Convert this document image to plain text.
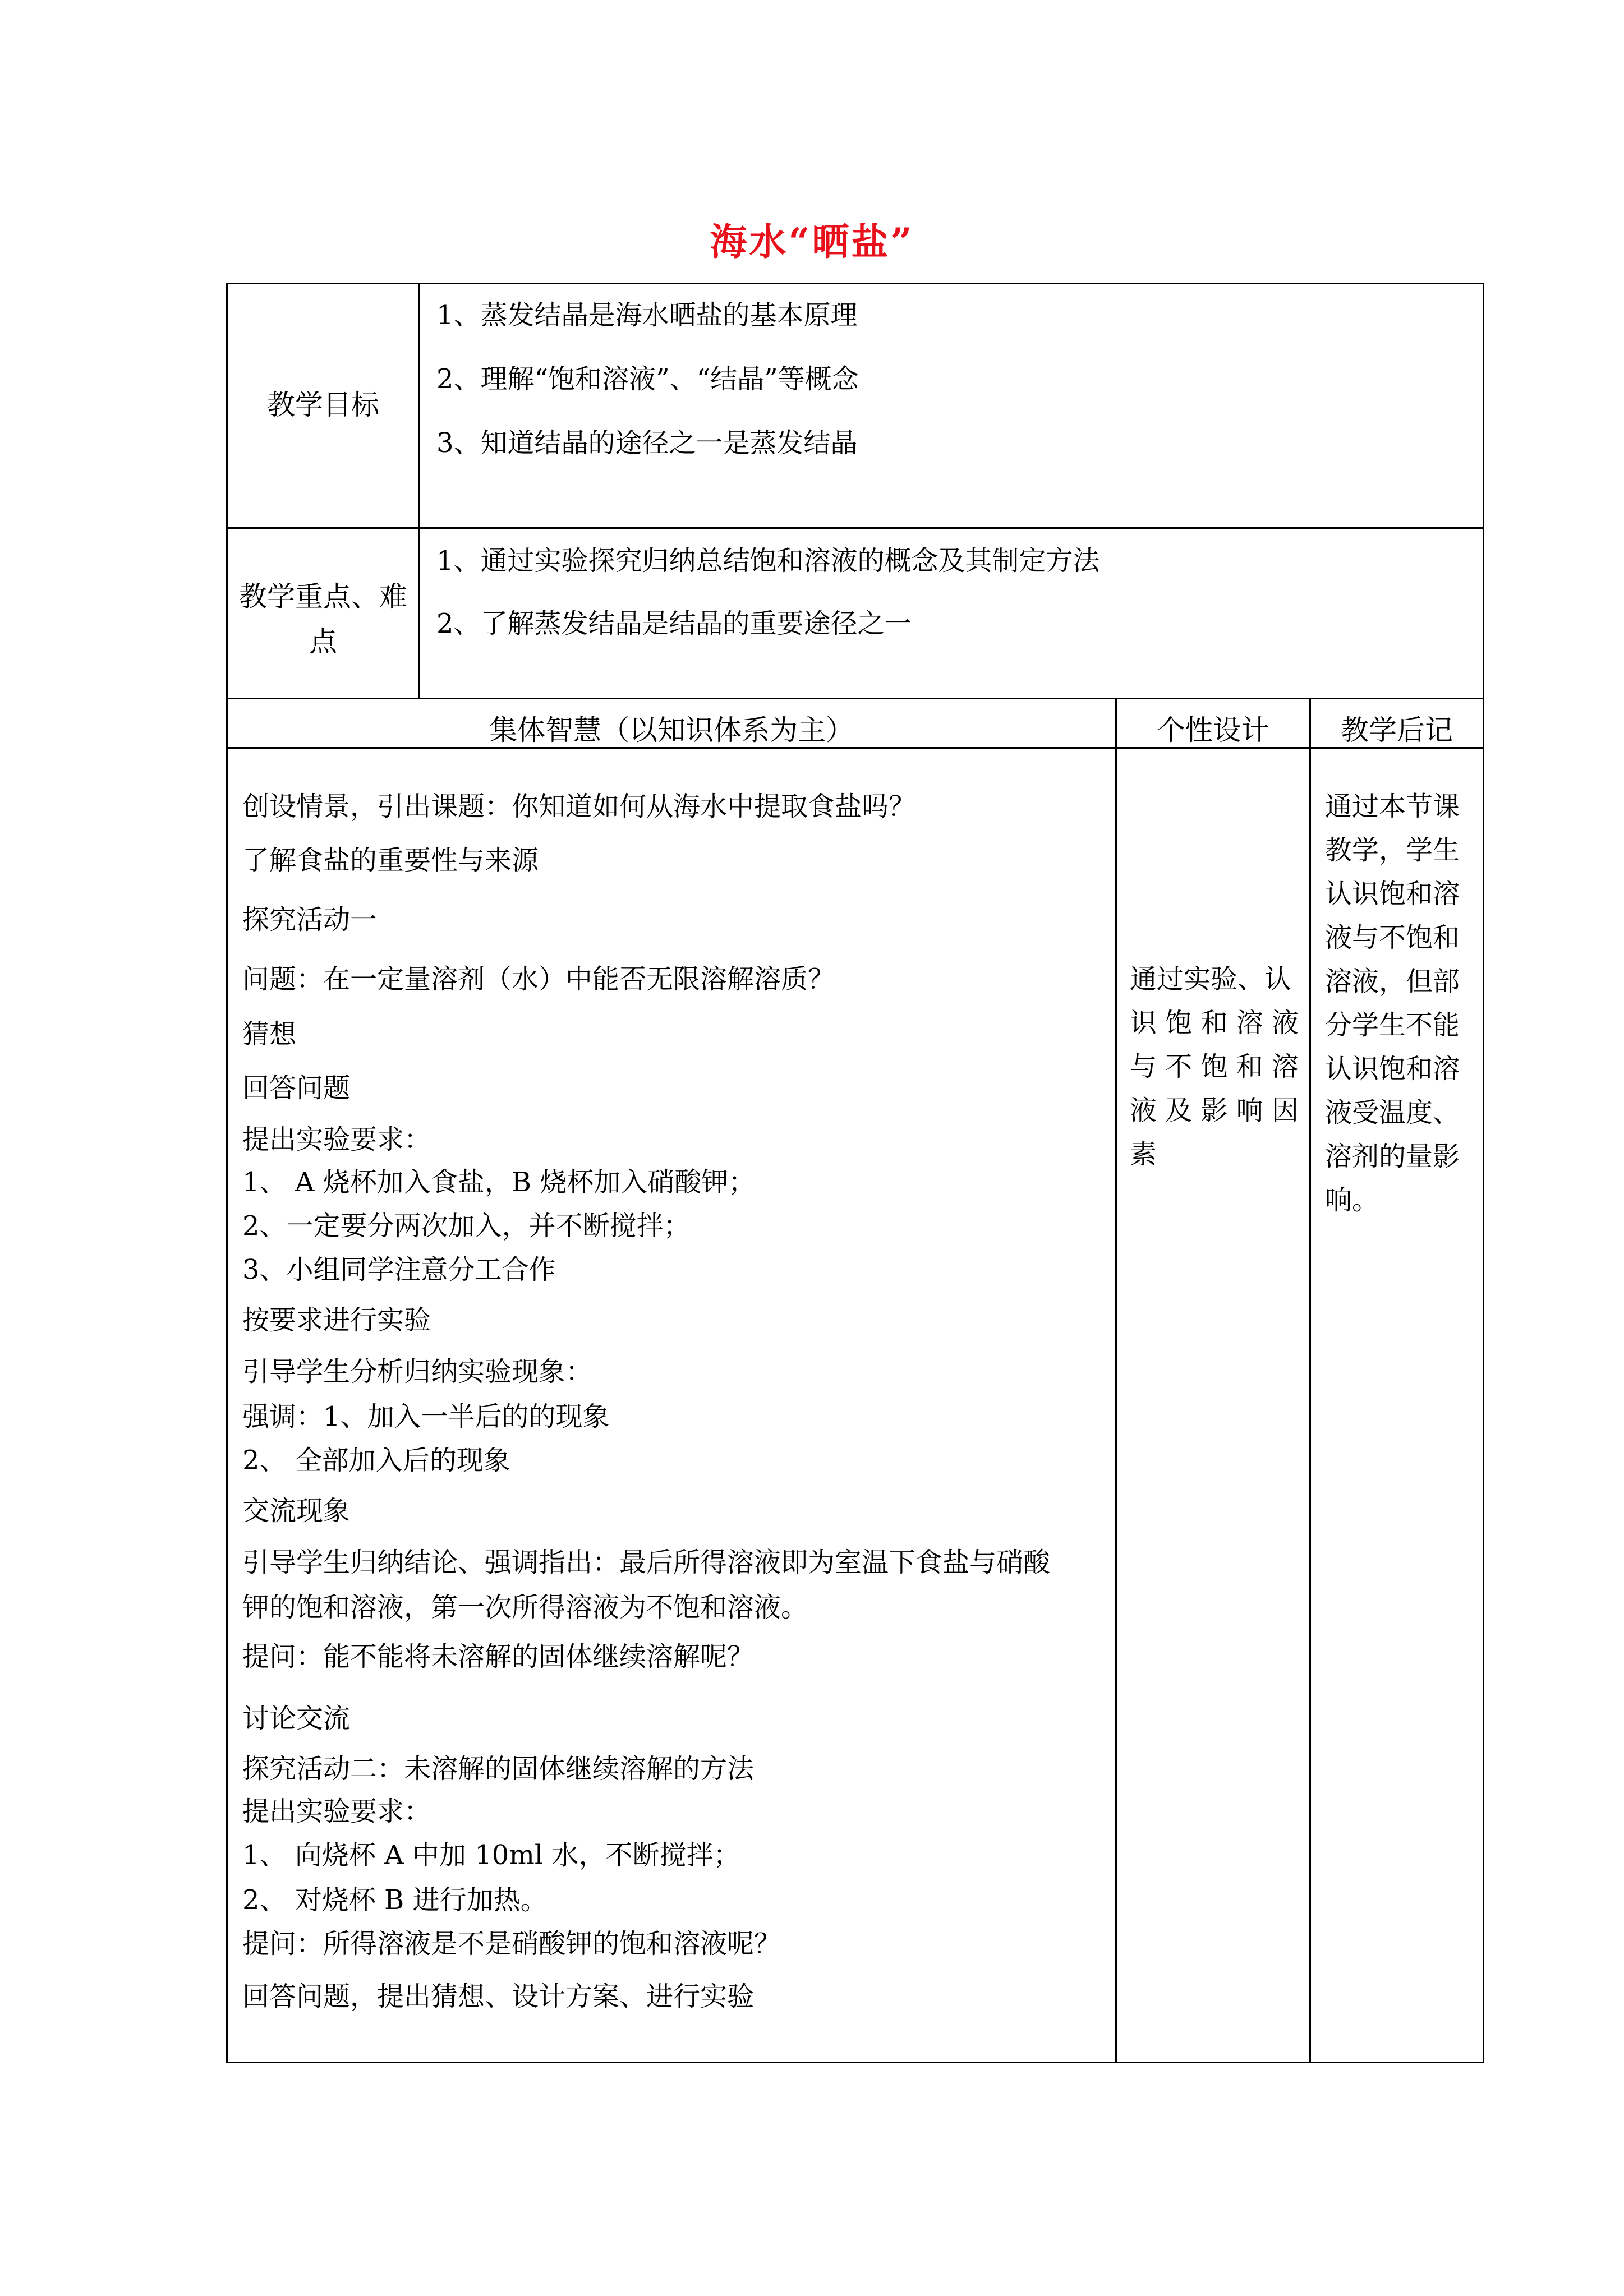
海水“晒盐”
教学目标
1、蒸发结晶是海水晒盐的基本原理
2、理解“饱和溶液”、“结晶”等概念
3、知道结晶的途径之一是蒸发结晶
教学重点、难
点
1、通过实验探究归纳总结饱和溶液的概念及其制定方法
2、了解蒸发结晶是结晶的重要途径之一
集体智慧（以知识体系为主）	个性设计	教学后记
创设情景，引出课题：你知道如何从海水中提取食盐吗？
了解食盐的重要性与来源
探究活动一
问题：在一定量溶剂（水）中能否无限溶解溶质？
猜想
回答问题
提出实验要求：
1、 A 烧杯加入食盐，B 烧杯加入硝酸钾；
2、一定要分两次加入，并不断搅拌；
3、小组同学注意分工合作
按要求进行实验
引导学生分析归纳实验现象：
强调：1、加入一半后的的现象
2、 全部加入后的现象
交流现象
引导学生归纳结论、强调指出：最后所得溶液即为室温下食盐与硝酸
钾的饱和溶液，第一次所得溶液为不饱和溶液。
提问：能不能将未溶解的固体继续溶解呢？
讨论交流
探究活动二：未溶解的固体继续溶解的方法
提出实验要求：
1、 向烧杯 A 中加 10ml 水，不断搅拌；
2、 对烧杯 B 进行加热。
提问：所得溶液是不是硝酸钾的饱和溶液呢？
回答问题，提出猜想、设计方案、进行实验
通过实验、认
识 饱 和 溶 液
与 不 饱 和 溶
液 及 影 响 因
素
通过本节课
教学，学生
认识饱和溶
液与不饱和
溶液，但部
分学生不能
认识饱和溶
液受温度、
溶剂的量影
响。
